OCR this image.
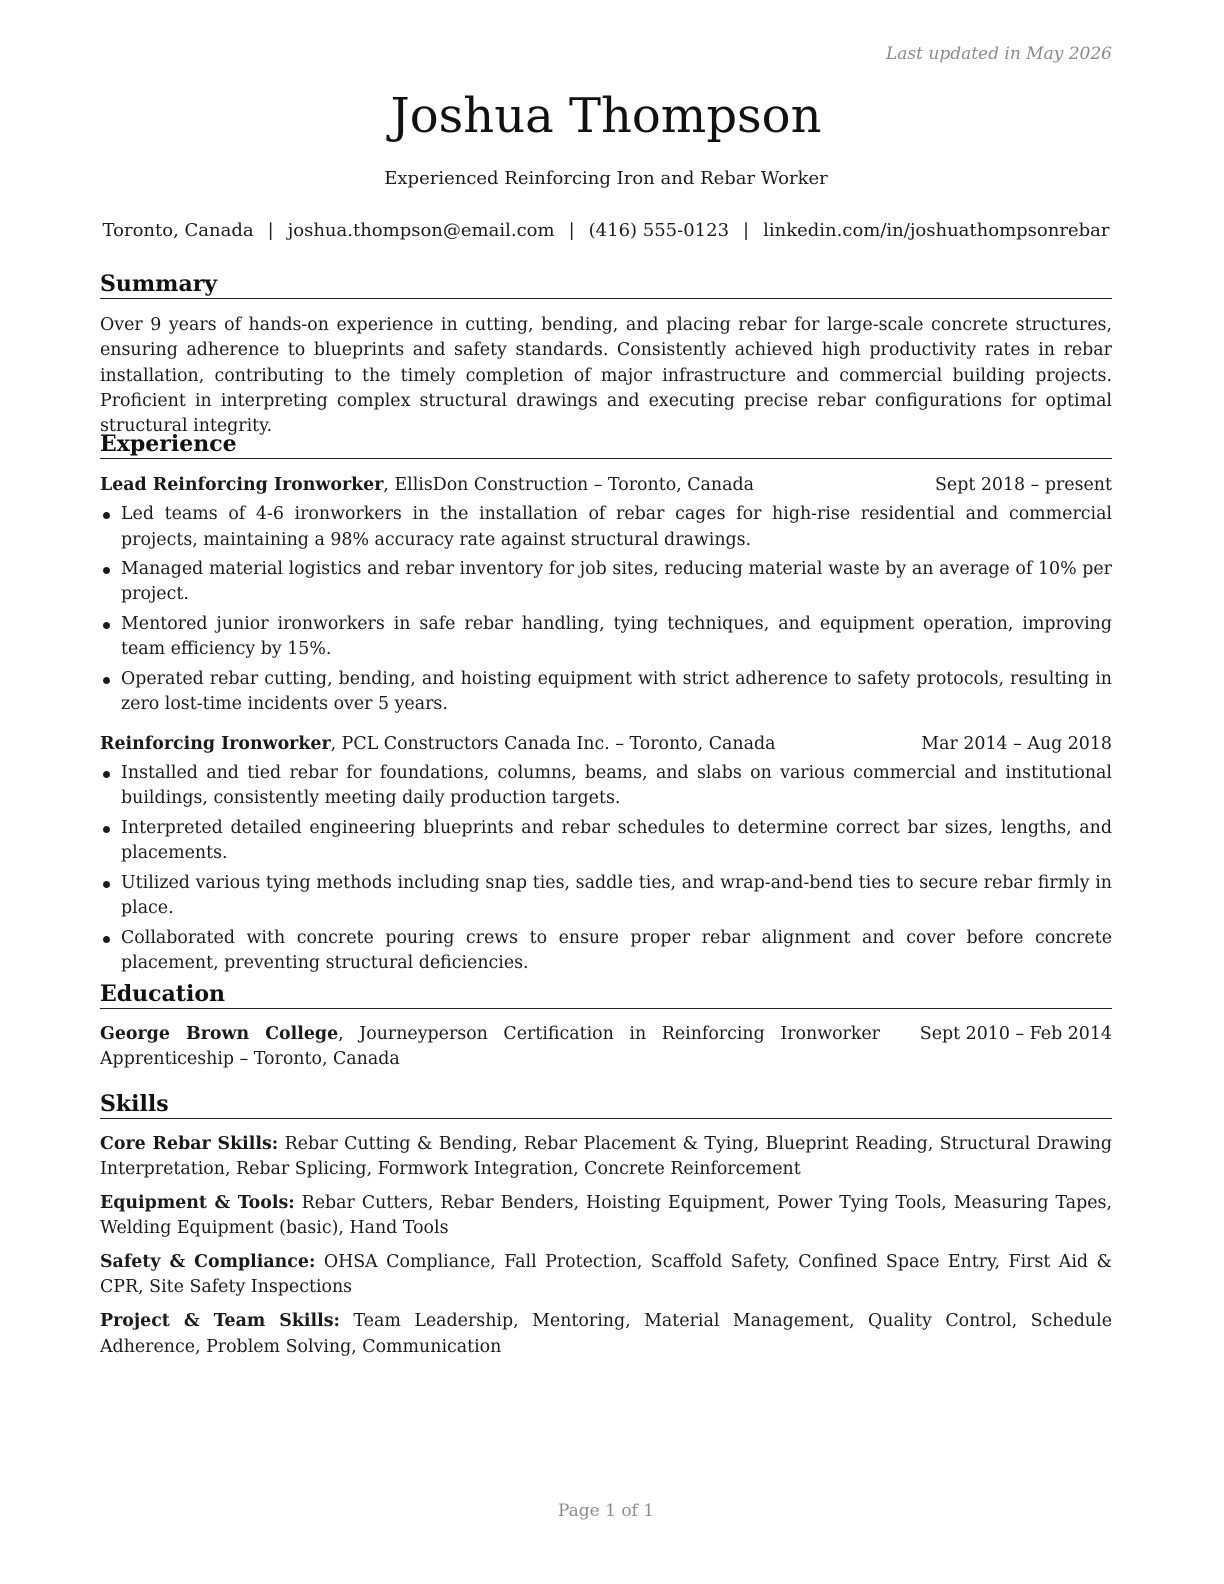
Last updated in May 2026
Joshua Thompson
Experienced Reinforcing Iron and Rebar Worker
Toronto, Canada | joshua.thompson@email.com | (416) 555-0123 | linkedin.com/in/joshuathompsonrebar
Summary
Over 9 years of hands-on experience in cutting, bending, and placing rebar for large-scale concrete structures, ensuring adherence to blueprints and safety standards. Consistently achieved high productivity rates in rebar installation, contributing to the timely completion of major infrastructure and commercial building projects. Proficient in interpreting complex structural drawings and executing precise rebar configurations for optimal structural integrity.
Experience
Lead Reinforcing Ironworker, EllisDon Construction – Toronto, Canada	Sept 2018 – present
Led teams of 4-6 ironworkers in the installation of rebar cages for high-rise residential and commercial projects, maintaining a 98% accuracy rate against structural drawings.
Managed material logistics and rebar inventory for job sites, reducing material waste by an average of 10% per project.
Mentored junior ironworkers in safe rebar handling, tying techniques, and equipment operation, improving team efficiency by 15%.
Operated rebar cutting, bending, and hoisting equipment with strict adherence to safety protocols, resulting in zero lost-time incidents over 5 years.
Reinforcing Ironworker, PCL Constructors Canada Inc. – Toronto, Canada	Mar 2014 – Aug 2018
Installed and tied rebar for foundations, columns, beams, and slabs on various commercial and institutional buildings, consistently meeting daily production targets.
Interpreted detailed engineering blueprints and rebar schedules to determine correct bar sizes, lengths, and placements.
Utilized various tying methods including snap ties, saddle ties, and wrap-and-bend ties to secure rebar firmly in place.
Collaborated with concrete pouring crews to ensure proper rebar alignment and cover before concrete placement, preventing structural deficiencies.
Education
George Brown College, Journeyperson Certification in Reinforcing Ironworker Apprenticeship – Toronto, Canada
Sept 2010 – Feb 2014
Skills
Core Rebar Skills: Rebar Cutting & Bending, Rebar Placement & Tying, Blueprint Reading, Structural Drawing Interpretation, Rebar Splicing, Formwork Integration, Concrete Reinforcement
Equipment & Tools: Rebar Cutters, Rebar Benders, Hoisting Equipment, Power Tying Tools, Measuring Tapes, Welding Equipment (basic), Hand Tools
Safety & Compliance: OHSA Compliance, Fall Protection, Scaffold Safety, Confined Space Entry, First Aid & CPR, Site Safety Inspections
Project & Team Skills: Team Leadership, Mentoring, Material Management, Quality Control, Schedule Adherence, Problem Solving, Communication
Page 1 of 1
